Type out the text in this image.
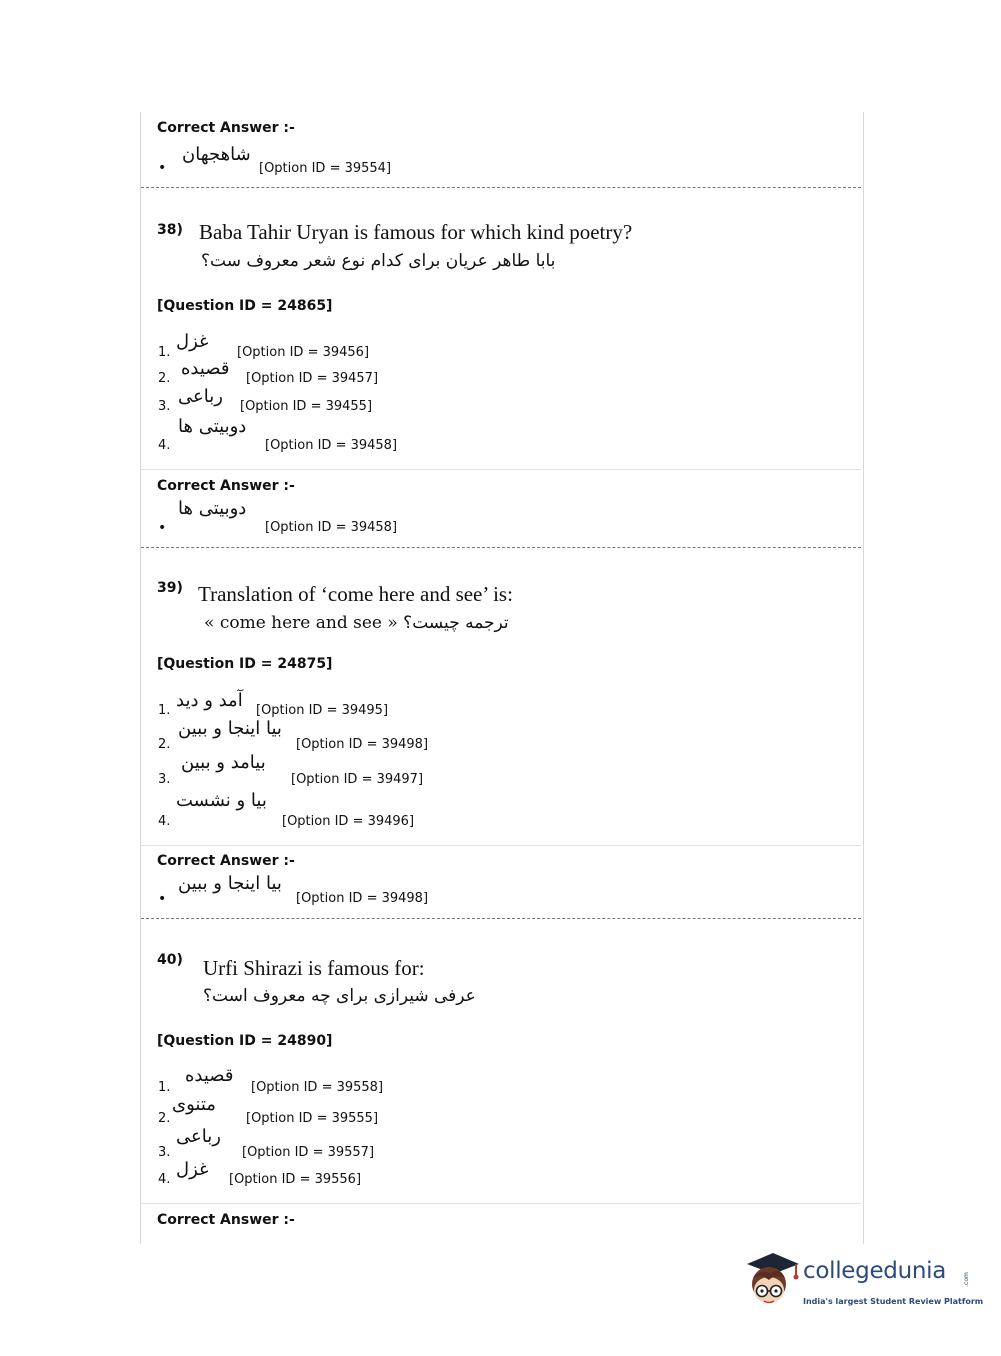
Correct Answer :-
•
شاهجهان
[Option ID = 39554]
38) Baba Tahir Uryan is famous for which kind poetry?
بابا طاهر عریان برای کدام نوع شعر معروف ست؟
[Question ID = 24865]
1.
غزل
[Option ID = 39456]
2. قصیده [Option ID = 39457]
3. رباعی [Option ID = 39455]
4.
دوبیتی ها
[Option ID = 39458]
Correct Answer :-
•
دوبیتی ها
[Option ID = 39458]
39) Translation of ‘come here and see’ is:
ترجمه چیست؟ « come here and see »
[Question ID = 24875]
1. آمد و دید [Option ID = 39495]
2.
بیا اینجا و ببین
[Option ID = 39498]
3.
بیامد و ببین
[Option ID = 39497]
4.
بیا و نشست
[Option ID = 39496]
Correct Answer :-
•
بیا اینجا و ببین
[Option ID = 39498]
40) Urfi Shirazi is famous for:
عرفی شیرازی برای چه معروف است؟
[Question ID = 24890]
1.
قصیده
[Option ID = 39558]
2.
متنوی
[Option ID = 39555]
3.
رباعی
[Option ID = 39557]
4. غزل [Option ID = 39556]
Correct Answer :-
collegedunia	.com
India's largest Student Review Platform
